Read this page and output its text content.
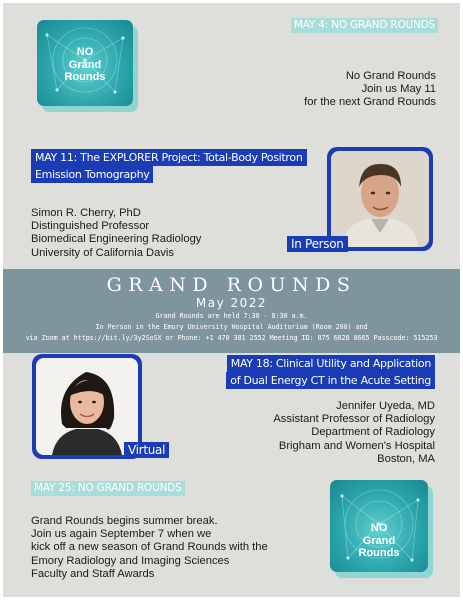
NO
Grand
Rounds
MAY 4: NO GRAND ROUNDS
No Grand Rounds
Join us May 11
for the next Grand Rounds
MAY 11: The EXPLORER Project: Total-Body Positron
Emission Tomography
Simon R. Cherry, PhD
Distinguished Professor
Biomedical Engineering Radiology
University of California Davis
In Person
GRAND ROUNDS
May 2022
Grand Rounds are held 7:30 - 8:30 a.m.
In Person in the Emory University Hospital Auditorium (Room 200) and
via Zoom at https://bit.ly/3y2SoSX or Phone: +1 470 381 2552 Meeting ID: 875 6828 8665 Passcode: 515253
Virtual
MAY 18: Clinical Utility and Application
of Dual Energy CT in the Acute Setting
Jennifer Uyeda, MD
Assistant Professor of Radiology
Department of Radiology
Brigham and Women's Hospital
Boston, MA
MAY 25: NO GRAND ROUNDS
Grand Rounds begins summer break.
Join us again September 7 when we
kick off a new season of Grand Rounds with the
Emory Radiology and Imaging Sciences
Faculty and Staff Awards
NO
Grand
Rounds
